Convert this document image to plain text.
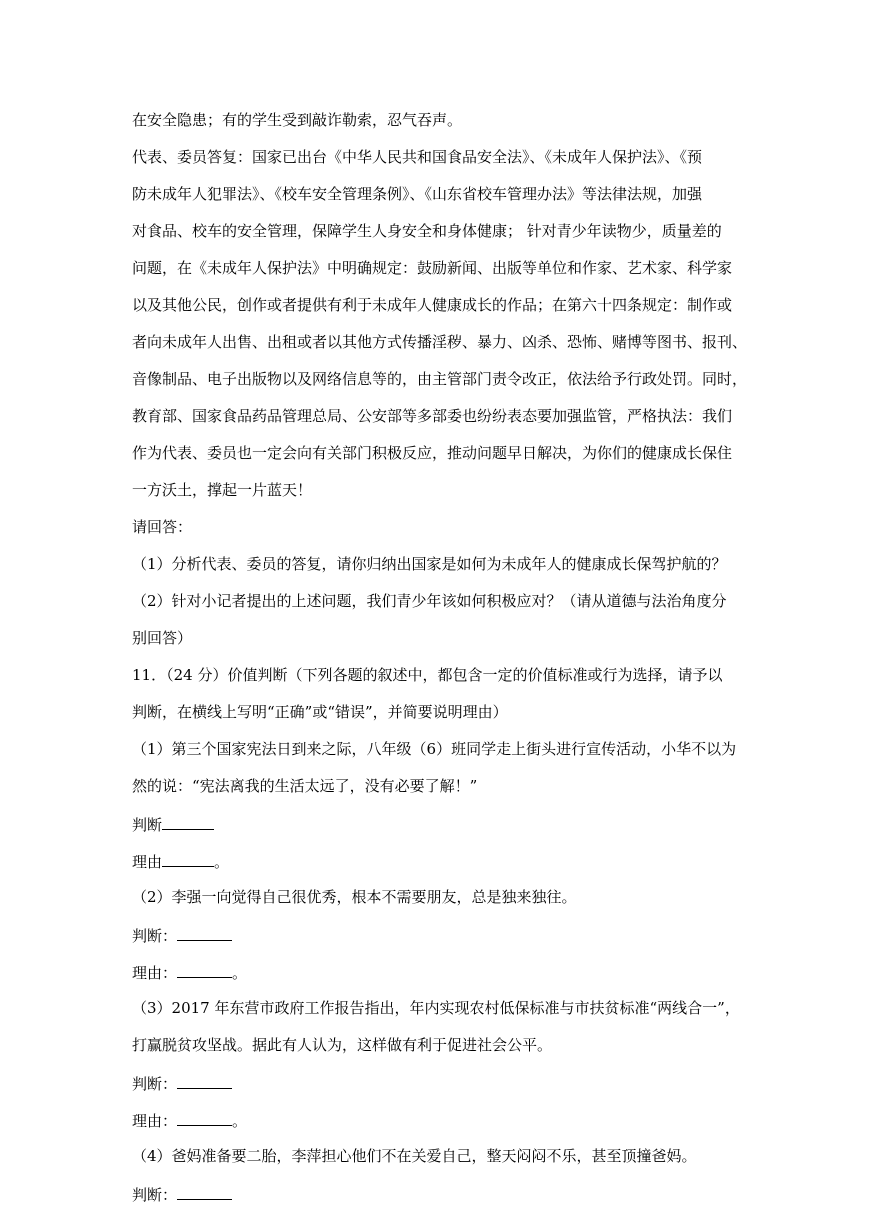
在安全隐患；有的学生受到敲诈勒索，忍气吞声。
代表、委员答复：国家已出台《中华人民共和国食品安全法》、《未成年人保护法》、《预
防未成年人犯罪法》、《校车安全管理条例》、《山东省校车管理办法》等法律法规，加强
对食品、校车的安全管理，保障学生人身安全和身体健康； 针对青少年读物少，质量差的
问题，在《未成年人保护法》中明确规定：鼓励新闻、出版等单位和作家、艺术家、科学家
以及其他公民，创作或者提供有利于未成年人健康成长的作品；在第六十四条规定：制作或
者向未成年人出售、出租或者以其他方式传播淫秽、暴力、凶杀、恐怖、赌博等图书、报刊、
音像制品、电子出版物以及网络信息等的，由主管部门责令改正，依法给予行政处罚。同时，
教育部、国家食品药品管理总局、公安部等多部委也纷纷表态要加强监管，严格执法：我们
作为代表、委员也一定会向有关部门积极反应，推动问题早日解决，为你们的健康成长保住
一方沃土，撑起一片蓝天！
请回答：
（1）分析代表、委员的答复，请你归纳出国家是如何为未成年人的健康成长保驾护航的？
（2）针对小记者提出的上述问题，我们青少年该如何积极应对？（请从道德与法治角度分
别回答）
11．（24 分）价值判断（下列各题的叙述中，都包含一定的价值标准或行为选择，请予以
判断，在横线上写明“正确”或“错误”，并简要说明理由）
（1）第三个国家宪法日到来之际，八年级（6）班同学走上街头进行宣传活动，小华不以为
然的说：“宪法离我的生活太远了，没有必要了解！”
判断
理由	。
（2）李强一向觉得自己很优秀，根本不需要朋友，总是独来独往。
判断：
理由：	。
（3）2017 年东营市政府工作报告指出，年内实现农村低保标准与市扶贫标准“两线合一”，
打赢脱贫攻坚战。据此有人认为，这样做有利于促进社会公平。
判断：
理由：	。
（4）爸妈准备要二胎，李萍担心他们不在关爱自己，整天闷闷不乐，甚至顶撞爸妈。
判断：
